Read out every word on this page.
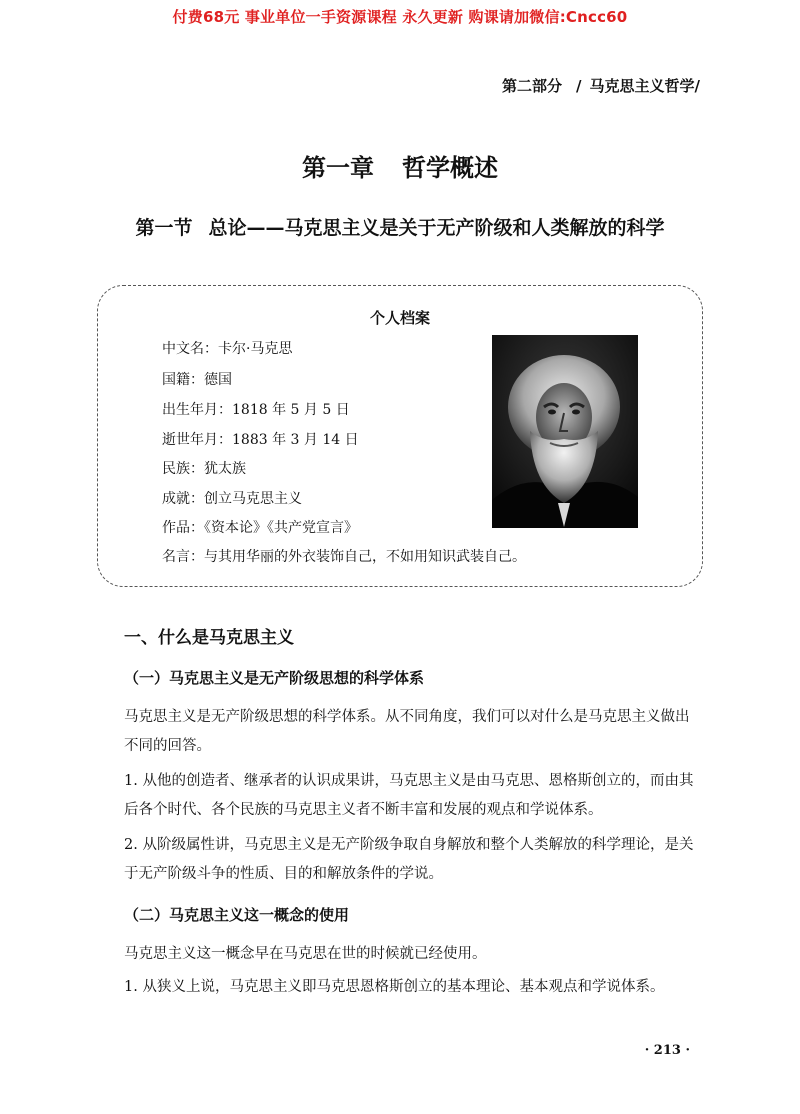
付费68元 事业单位一手资源课程 永久更新 购课请加微信:Cncc60
第二部分 / 马克思主义哲学/
第一章 哲学概述
第一节 总论——马克思主义是关于无产阶级和人类解放的科学
个人档案
中文名：卡尔·马克思
国籍：德国
出生年月：1818 年 5 月 5 日
逝世年月：1883 年 3 月 14 日
民族：犹太族
成就：创立马克思主义
作品：《资本论》《共产党宣言》
名言：与其用华丽的外衣装饰自己，不如用知识武装自己。
一、什么是马克思主义
（一）马克思主义是无产阶级思想的科学体系
马克思主义是无产阶级思想的科学体系。从不同角度，我们可以对什么是马克思主义做出
不同的回答。
1. 从他的创造者、继承者的认识成果讲，马克思主义是由马克思、恩格斯创立的，而由其
后各个时代、各个民族的马克思主义者不断丰富和发展的观点和学说体系。
2. 从阶级属性讲，马克思主义是无产阶级争取自身解放和整个人类解放的科学理论，是关
于无产阶级斗争的性质、目的和解放条件的学说。
（二）马克思主义这一概念的使用
马克思主义这一概念早在马克思在世的时候就已经使用。
1. 从狭义上说，马克思主义即马克思恩格斯创立的基本理论、基本观点和学说体系。
· 213 ·
